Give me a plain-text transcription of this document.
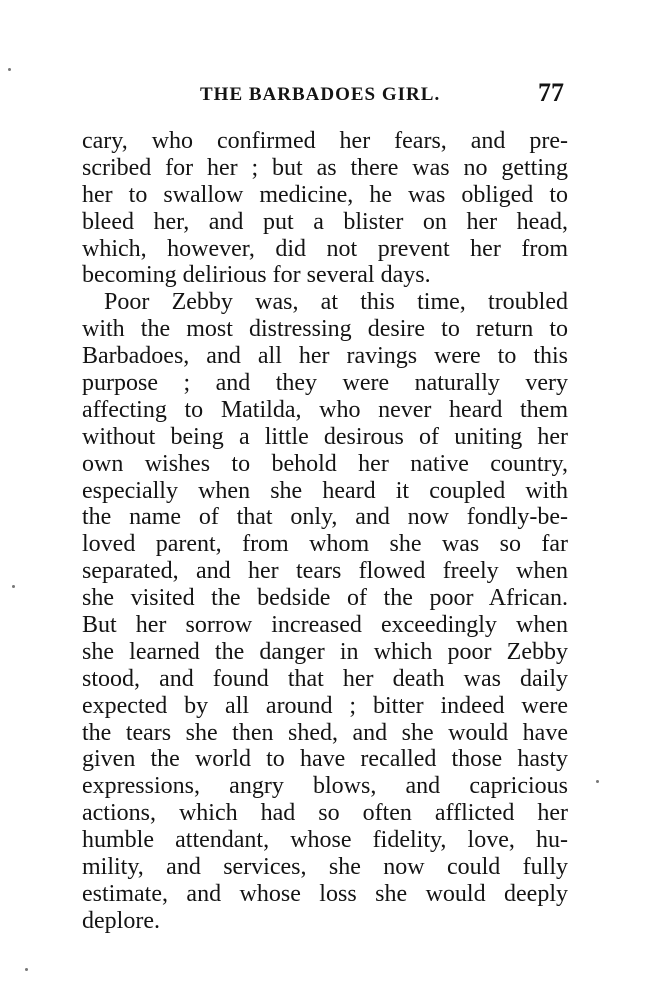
THE BARBADOES GIRL.	77
cary, who confirmed her fears, and pre-
scribed for her ; but as there was no getting
her to swallow medicine, he was obliged to
bleed her, and put a blister on her head,
which, however, did not prevent her from
becoming delirious for several days.
Poor Zebby was, at this time, troubled
with the most distressing desire to return to
Barbadoes, and all her ravings were to this
purpose ; and they were naturally very
affecting to Matilda, who never heard them
without being a little desirous of uniting her
own wishes to behold her native country,
especially when she heard it coupled with
the name of that only, and now fondly-be-
loved parent, from whom she was so far
separated, and her tears flowed freely when
she visited the bedside of the poor African.
But her sorrow increased exceedingly when
she learned the danger in which poor Zebby
stood, and found that her death was daily
expected by all around ; bitter indeed were
the tears she then shed, and she would have
given the world to have recalled those hasty
expressions, angry blows, and capricious
actions, which had so often afflicted her
humble attendant, whose fidelity, love, hu-
mility, and services, she now could fully
estimate, and whose loss she would deeply
deplore.
